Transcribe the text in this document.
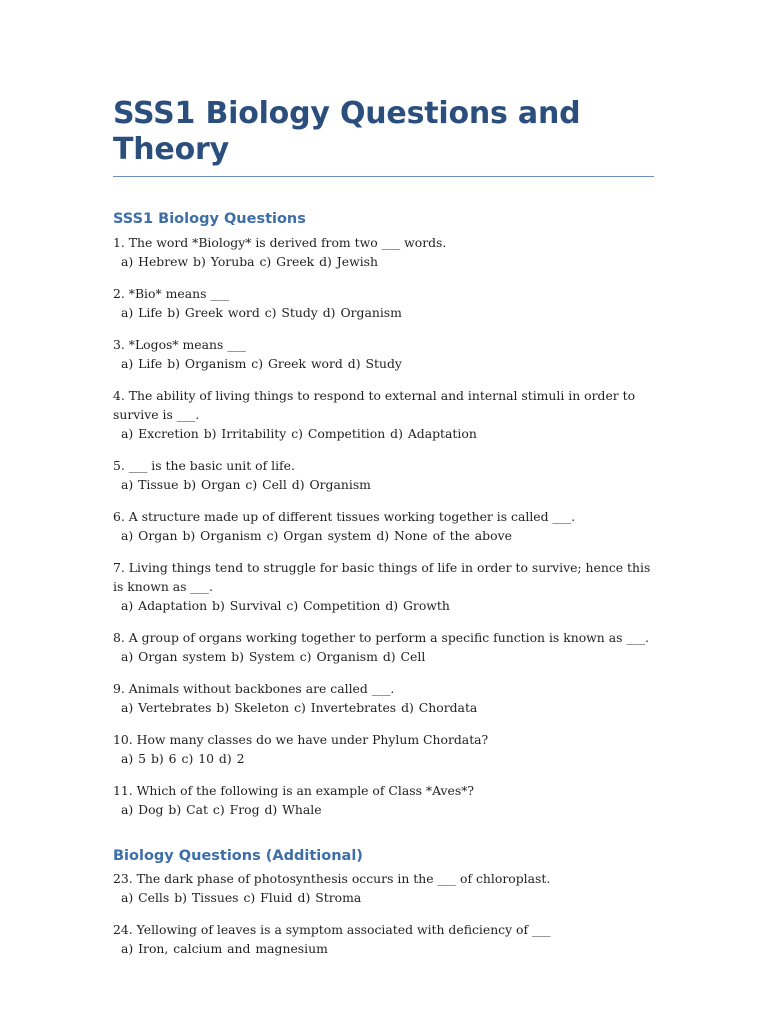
SSS1 Biology Questions and Theory
SSS1 Biology Questions
1. The word *Biology* is derived from two ___ words.
a) Hebrew b) Yoruba c) Greek d) Jewish
2. *Bio* means ___
a) Life b) Greek word c) Study d) Organism
3. *Logos* means ___
a) Life b) Organism c) Greek word d) Study
4. The ability of living things to respond to external and internal stimuli in order to survive is ___.
a) Excretion b) Irritability c) Competition d) Adaptation
5. ___ is the basic unit of life.
a) Tissue b) Organ c) Cell d) Organism
6. A structure made up of different tissues working together is called ___.
a) Organ b) Organism c) Organ system d) None of the above
7. Living things tend to struggle for basic things of life in order to survive; hence this is known as ___.
a) Adaptation b) Survival c) Competition d) Growth
8. A group of organs working together to perform a specific function is known as ___.
a) Organ system b) System c) Organism d) Cell
9. Animals without backbones are called ___.
a) Vertebrates b) Skeleton c) Invertebrates d) Chordata
10. How many classes do we have under Phylum Chordata?
a) 5 b) 6 c) 10 d) 2
11. Which of the following is an example of Class *Aves*?
a) Dog b) Cat c) Frog d) Whale
Biology Questions (Additional)
23. The dark phase of photosynthesis occurs in the ___ of chloroplast.
a) Cells b) Tissues c) Fluid d) Stroma
24. Yellowing of leaves is a symptom associated with deficiency of ___
a) Iron, calcium and magnesium
